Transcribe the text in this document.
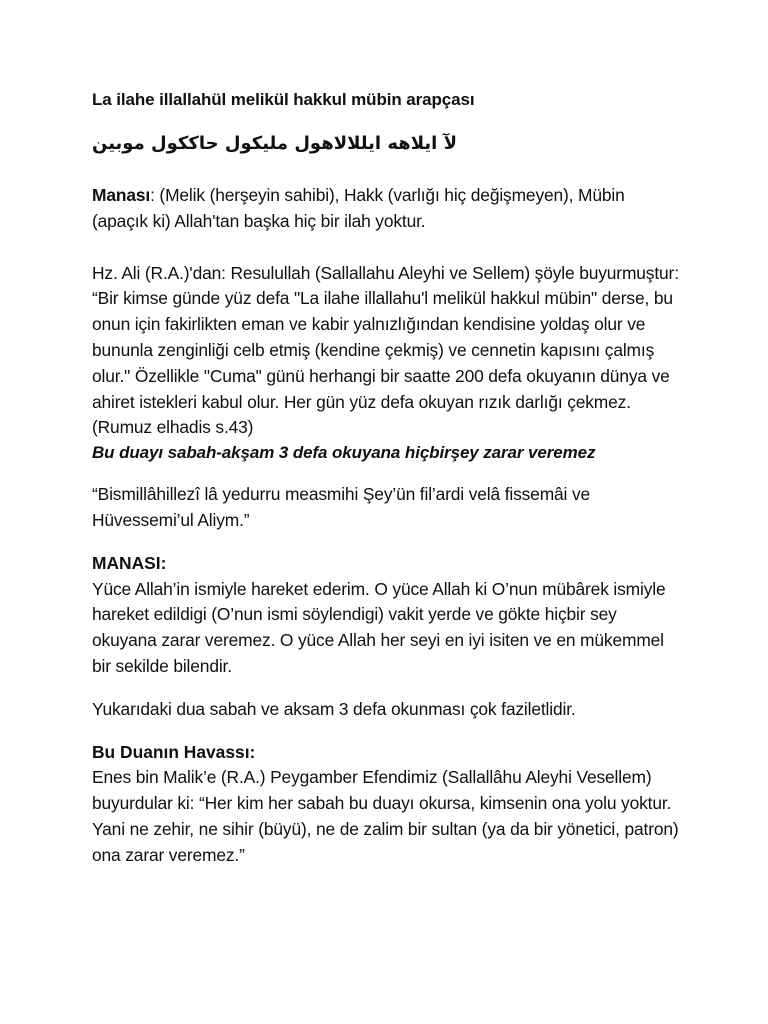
La ilahe illallahül melikül hakkul mübin arapçası

لآ ايلاهه ايللالاهول مليكول حاككول موبين

Manası: (Melik (herşeyin sahibi), Hakk (varlığı hiç değişmeyen), Mübin (apaçık ki) Allah'tan başka hiç bir ilah yoktur.

Hz. Ali (R.A.)'dan: Resulullah (Sallallahu Aleyhi ve Sellem) şöyle buyurmuştur: “Bir kimse günde yüz defa "La ilahe illallahu'l melikül hakkul mübin" derse, bu onun için fakirlikten eman ve kabir yalnızlığından kendisine yoldaş olur ve bununla zenginliği celb etmiş (kendine çekmiş) ve cennetin kapısını çalmış olur." Özellikle "Cuma" günü herhangi bir saatte 200 defa okuyanın dünya ve ahiret istekleri kabul olur. Her gün yüz defa okuyan rızık darlığı çekmez. (Rumuz elhadis s.43)

Bu duayı sabah-akşam 3 defa okuyana hiçbirşey zarar veremez

“Bismillâhillezî lâ yedurru measmihi Şey’ün fil’ardi velâ fissemâi ve Hüvessemi’ul Aliym.”

MANASI:

Yüce Allah’in ismiyle hareket ederim. O yüce Allah ki O’nun mübârek ismiyle hareket edildigi (O’nun ismi söylendigi) vakit yerde ve gökte hiçbir sey okuyana zarar veremez. O yüce Allah her seyi en iyi isiten ve en mükemmel bir sekilde bilendir.

Yukarıdaki dua sabah ve aksam 3 defa okunması çok faziletlidir.

Bu Duanın Havassı:

Enes bin Malik’e (R.A.) Peygamber Efendimiz (Sallallâhu Aleyhi Vesellem) buyurdular ki: “Her kim her sabah bu duayı okursa, kimsenin ona yolu yoktur. Yani ne zehir, ne sihir (büyü), ne de zalim bir sultan (ya da bir yönetici, patron) ona zarar veremez.”
